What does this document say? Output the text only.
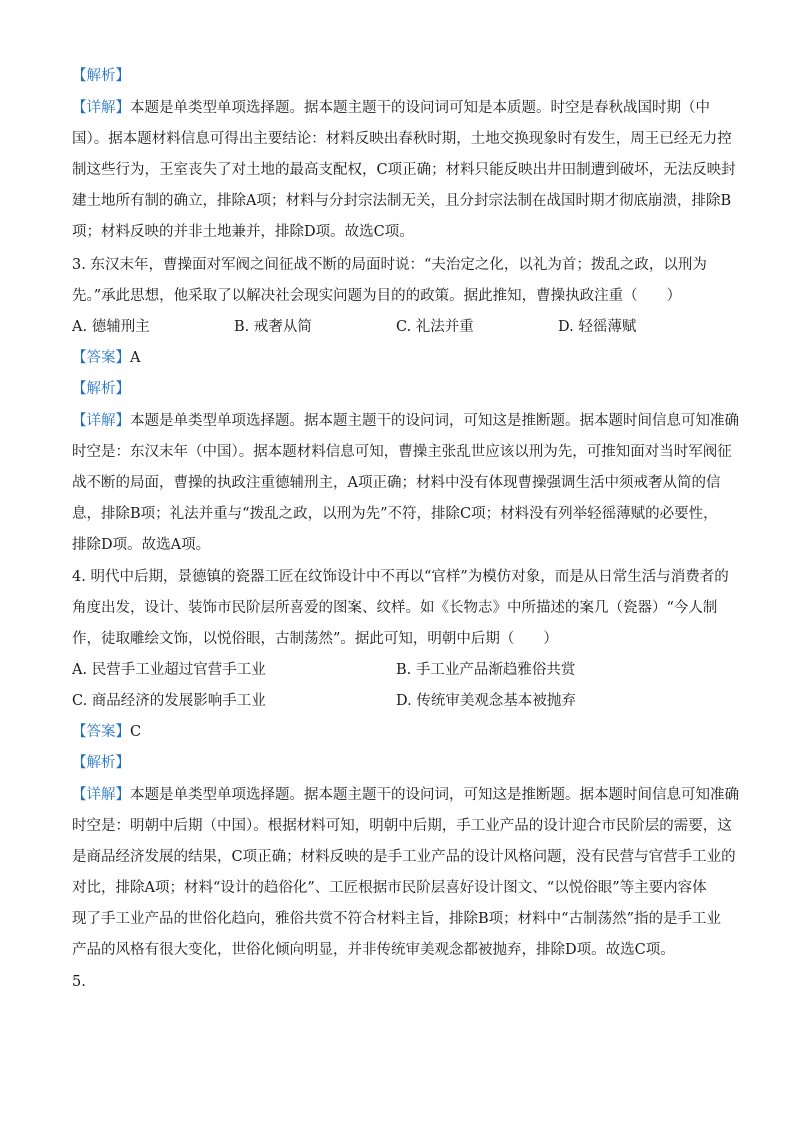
【解析】
【详解】本题是单类型单项选择题。据本题主题干的设问词可知是本质题。时空是春秋战国时期（中
国）。据本题材料信息可得出主要结论：材料反映出春秋时期，土地交换现象时有发生，周王已经无力控
制这些行为，王室丧失了对土地的最高支配权，C项正确；材料只能反映出井田制遭到破坏，无法反映封
建土地所有制的确立，排除A项；材料与分封宗法制无关，且分封宗法制在战国时期才彻底崩溃，排除B
项；材料反映的并非土地兼并，排除D项。故选C项。
3. 东汉末年，曹操面对军阀之间征战不断的局面时说：“夫治定之化，以礼为首；拨乱之政，以刑为
先。”承此思想，他采取了以解决社会现实问题为目的的政策。据此推知，曹操执政注重（　　）
A. 德辅刑主	B. 戒奢从简	C. 礼法并重	D. 轻徭薄赋
【答案】A
【解析】
【详解】本题是单类型单项选择题。据本题主题干的设问词，可知这是推断题。据本题时间信息可知准确
时空是：东汉末年（中国）。据本题材料信息可知，曹操主张乱世应该以刑为先，可推知面对当时军阀征
战不断的局面，曹操的执政注重德辅刑主，A项正确；材料中没有体现曹操强调生活中须戒奢从简的信
息，排除B项；礼法并重与“拨乱之政，以刑为先”不符，排除C项；材料没有列举轻徭薄赋的必要性，
排除D项。故选A项。
4. 明代中后期，景德镇的瓷器工匠在纹饰设计中不再以“官样”为模仿对象，而是从日常生活与消费者的
角度出发，设计、装饰市民阶层所喜爱的图案、纹样。如《长物志》中所描述的案几（瓷器）“今人制
作，徒取雕绘文饰，以悦俗眼，古制荡然”。据此可知，明朝中后期（　　）
A. 民营手工业超过官营手工业	B. 手工业产品渐趋雅俗共赏
C. 商品经济的发展影响手工业	D. 传统审美观念基本被抛弃
【答案】C
【解析】
【详解】本题是单类型单项选择题。据本题主题干的设问词，可知这是推断题。据本题时间信息可知准确
时空是：明朝中后期（中国）。根据材料可知，明朝中后期，手工业产品的设计迎合市民阶层的需要，这
是商品经济发展的结果，C项正确；材料反映的是手工业产品的设计风格问题，没有民营与官营手工业的
对比，排除A项；材料“设计的趋俗化”、工匠根据市民阶层喜好设计图文、“以悦俗眼”等主要内容体
现了手工业产品的世俗化趋向，雅俗共赏不符合材料主旨，排除B项；材料中“古制荡然”指的是手工业
产品的风格有很大变化，世俗化倾向明显，并非传统审美观念都被抛弃，排除D项。故选C项。
5.
